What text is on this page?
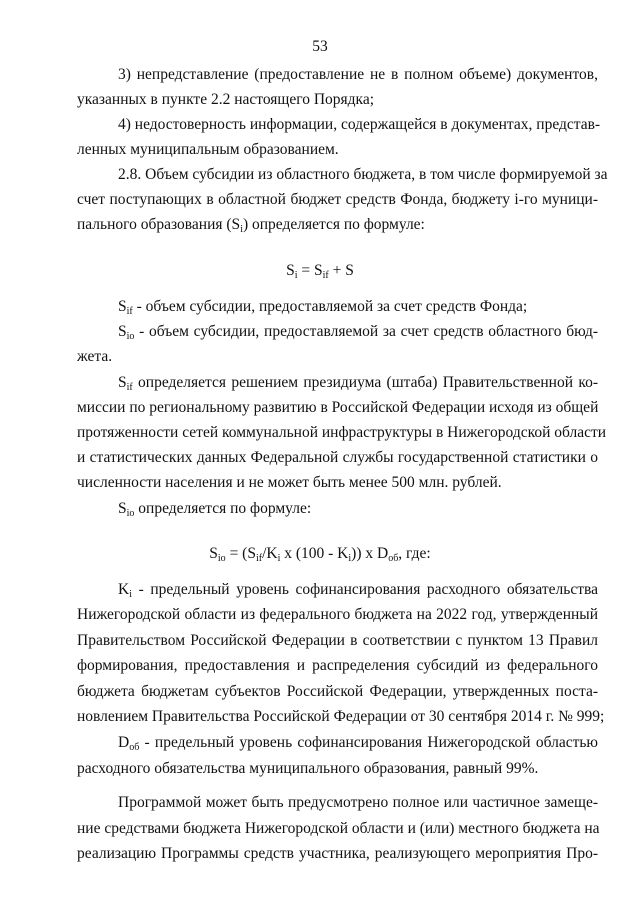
53
3) непредставление (предоставление не в полном объеме) документов,
указанных в пункте 2.2 настоящего Порядка;
4) недостоверность информации, содержащейся в документах, представ-
ленных муниципальным образованием.
2.8. Объем субсидии из областного бюджета, в том числе формируемой за
счет поступающих в областной бюджет средств Фонда, бюджету i-го муници-
пального образования $(S_i)$ определяется по формуле:
$S_i = S_{if} + S$
$S_{if}$ - объем субсидии, предоставляемой за счет средств Фонда;
$S_{io}$ - объем субсидии, предоставляемой за счет средств областного бюд-
жета.
$S_{if}$ определяется решением президиума (штаба) Правительственной ко-
миссии по региональному развитию в Российской Федерации исходя из общей
протяженности сетей коммунальной инфраструктуры в Нижегородской области
и статистических данных Федеральной службы государственной статистики о
численности населения и не может быть менее 500 млн. рублей.
$S_{io}$ определяется по формуле:
$S_{io} = (S_{if}/K_i$ x $(100 - K_i)$) x $D_{об}$, где:
$K_i$ - предельный уровень софинансирования расходного обязательства
Нижегородской области из федерального бюджета на 2022 год, утвержденный
Правительством Российской Федерации в соответствии с пунктом 13 Правил
формирования, предоставления и распределения субсидий из федерального
бюджета бюджетам субъектов Российской Федерации, утвержденных поста-
новлением Правительства Российской Федерации от 30 сентября 2014 г. № 999;
$D_{об}$ - предельный уровень софинансирования Нижегородской областью
расходного обязательства муниципального образования, равный 99%.
Программой может быть предусмотрено полное или частичное замеще-
ние средствами бюджета Нижегородской области и (или) местного бюджета на
реализацию Программы средств участника, реализующего мероприятия Про-
